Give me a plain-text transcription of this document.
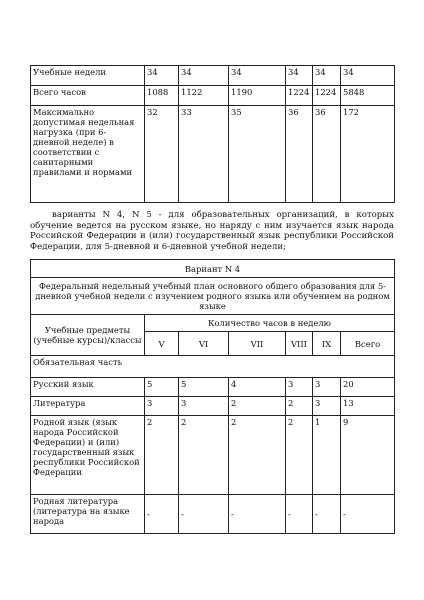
Учебные недели	34	34	34	34	34	34
Всего часов	1088	1122	1190	1224	1224	5848
Максимально допустимая недельная нагрузка (при 6-дневной неделе) в соответствии с санитарными правилами и нормами	32	33	35	36	36	172
варианты N 4, N 5 - для образовательных организаций, в которых обучение ведется на русском языке, но наряду с ним изучается язык народа Российской Федерации и (или) государственный язык республики Российской Федерации, для 5-дневной и 6-дневной учебной недели;
Вариант N 4						
Федеральный недельный учебный план основного общего образования для 5-дневной учебной недели с изучением родного языка или обучением на родном языке						
Учебные предметы (учебные курсы)/классы	Количество часов в неделю					
	V	VI	VII	VIII	IX	Всего
Обязательная часть						
Русский язык	5	5	4	3	3	20
Литература	3	3	2	2	3	13
Родной язык (язык народа Российской Федерации) и (или) государственный язык республики Российской Федерации	2	2	2	2	1	9
Родная литература (литература на языке народа	-	-	-	-	-	-
